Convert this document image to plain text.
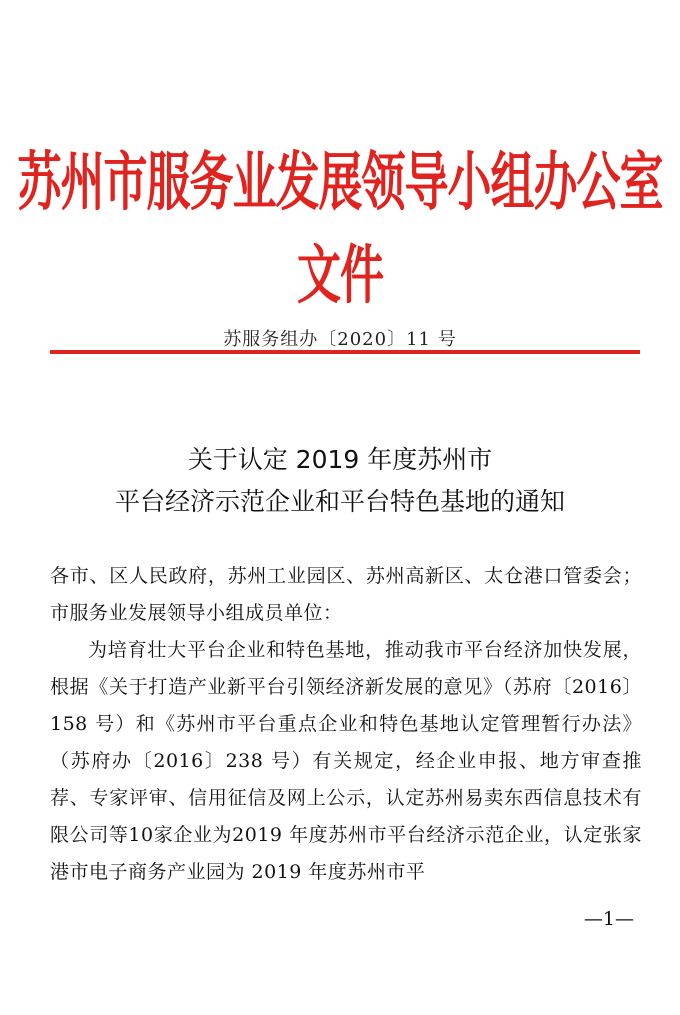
苏州市服务业发展领导小组办公室文件
苏服务组办〔2020〕11 号
关于认定 2019 年度苏州市
平台经济示范企业和平台特色基地的通知

各市、区人民政府，苏州工业园区、苏州高新区、太仓港口管委会；市服务业发展领导小组成员单位：

为培育壮大平台企业和特色基地，推动我市平台经济加快发展，根据《关于打造产业新平台引领经济新发展的意见》（苏府〔2016〕158 号）和《苏州市平台重点企业和特色基地认定管理暂行办法》（苏府办〔2016〕238 号）有关规定，经企业申报、地方审查推荐、专家评审、信用征信及网上公示，认定苏州易卖东西信息技术有限公司等10家企业为2019 年度苏州市平台经济示范企业，认定张家港市电子商务产业园为 2019 年度苏州市平

—1—
